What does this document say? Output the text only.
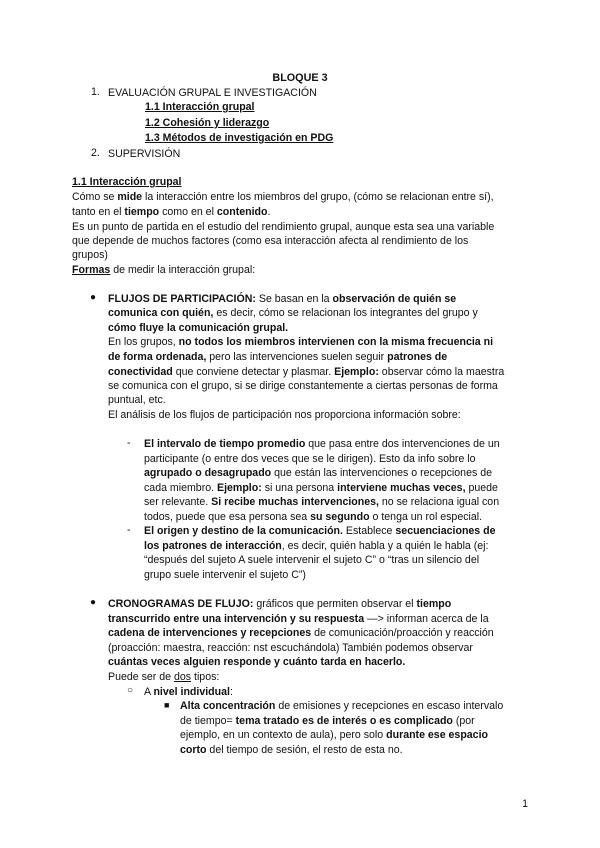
BLOQUE 3
1. EVALUACIÓN GRUPAL E INVESTIGACIÓN
1.1 Interacción grupal
1.2 Cohesión y liderazgo
1.3 Métodos de investigación en PDG
2. SUPERVISIÓN
1.1 Interacción grupal
Cómo se mide la interacción entre los miembros del grupo, (cómo se relacionan entre sí),
tanto en el tiempo como en el contenido.
Es un punto de partida en el estudio del rendimiento grupal, aunque esta sea una variable
que depende de muchos factores (como esa interacción afecta al rendimiento de los
grupos)
Formas de medir la interacción grupal:
● FLUJOS DE PARTICIPACIÓN: Se basan en la observación de quién se
comunica con quién, es decir, cómo se relacionan los integrantes del grupo y
cómo fluye la comunicación grupal.
En los grupos, no todos los miembros intervienen con la misma frecuencia ni
de forma ordenada, pero las intervenciones suelen seguir patrones de
conectividad que conviene detectar y plasmar. Ejemplo: observar cómo la maestra
se comunica con el grupo, si se dirige constantemente a ciertas personas de forma
puntual, etc.
El análisis de los flujos de participación nos proporciona información sobre:
- El intervalo de tiempo promedio que pasa entre dos intervenciones de un
participante (o entre dos veces que se le dirigen). Esto da info sobre lo
agrupado o desagrupado que están las intervenciones o recepciones de
cada miembro. Ejemplo: si una persona interviene muchas veces, puede
ser relevante. Si recibe muchas intervenciones, no se relaciona igual con
todos, puede que esa persona sea su segundo o tenga un rol especial.
- El origen y destino de la comunicación. Establece secuenciaciones de
los patrones de interacción, es decir, quién habla y a quién le habla (ej:
“después del sujeto A suele intervenir el sujeto C” o “tras un silencio del
grupo suele intervenir el sujeto C”)
● CRONOGRAMAS DE FLUJO: gráficos que permiten observar el tiempo
transcurrido entre una intervención y su respuesta —> informan acerca de la
cadena de intervenciones y recepciones de comunicación/proacción y reacción
(proacción: maestra, reacción: nst escuchándola) También podemos observar
cuántas veces alguien responde y cuánto tarda en hacerlo.
Puede ser de dos tipos:
○ A nivel individual:
■ Alta concentración de emisiones y recepciones en escaso intervalo
de tiempo= tema tratado es de interés o es complicado (por
ejemplo, en un contexto de aula), pero solo durante ese espacio
corto del tiempo de sesión, el resto de esta no.
1
